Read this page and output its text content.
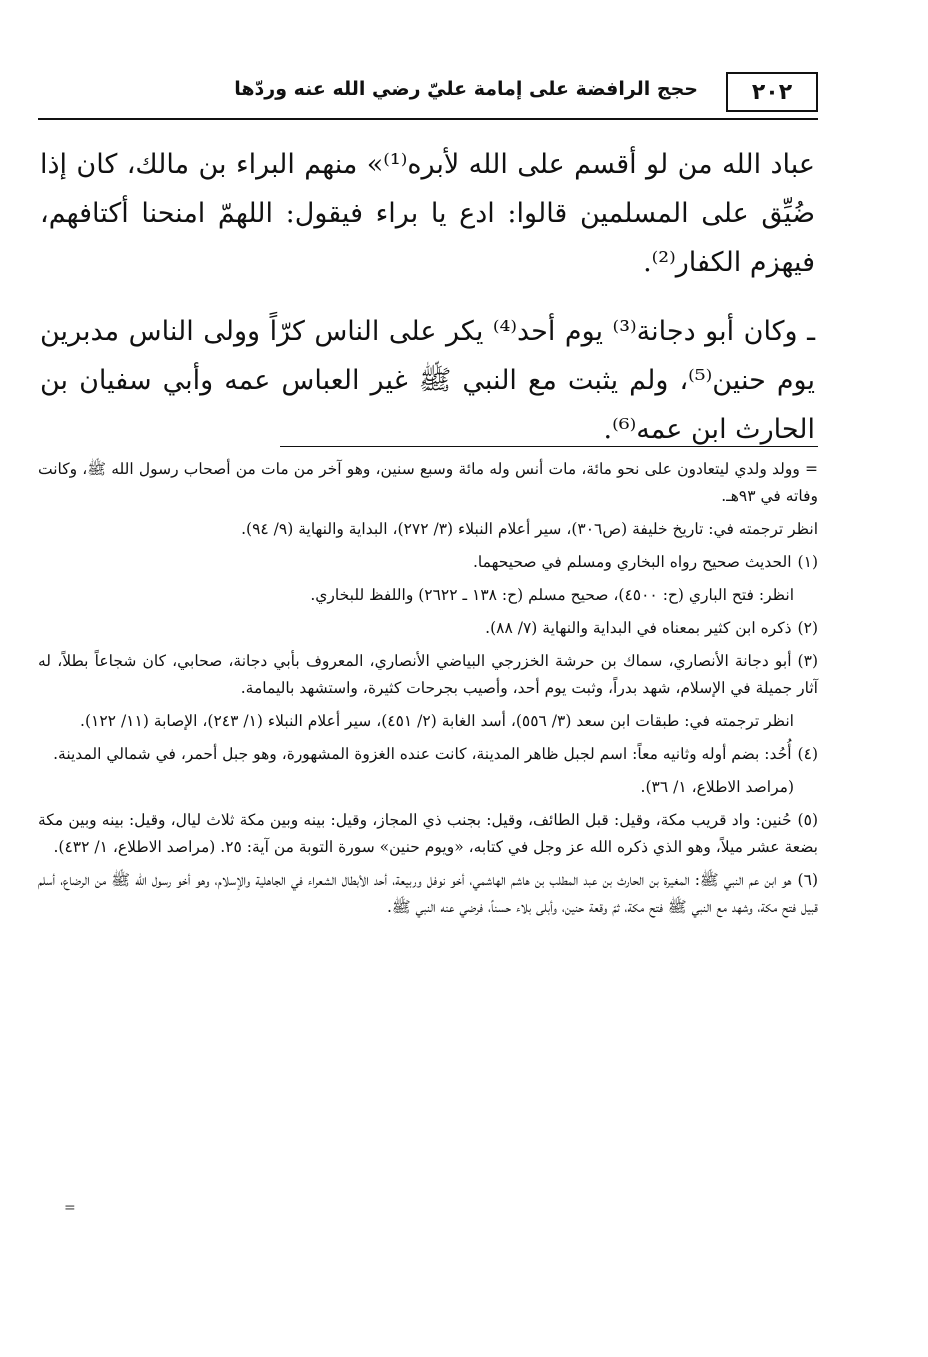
٢٠٢
حجج الرافضة على إمامة عليّ رضي الله عنه وردّها

عباد الله من لو أقسم على الله لأبره⁽¹⁾» منهم البراء بن مالك، كان إذا ضُيِّق على المسلمين قالوا: ادع يا براء فيقول: اللهمّ امنحنا أكتافهم، فيهزم الكفار⁽²⁾.

ـ وكان أبو دجانة⁽³⁾ يوم أحد⁽⁴⁾ يكر على الناس كرّاً وولى الناس مدبرين يوم حنين⁽⁵⁾، ولم يثبت مع النبي ﷺ غير العباس عمه وأبي سفيان بن الحارث ابن عمه⁽⁶⁾.

= وولد ولدي ليتعادون على نحو مائة، مات أنس وله مائة وسبع سنين، وهو آخر من مات من أصحاب رسول الله ﷺ، وكانت وفاته في ٩٣هـ.
انظر ترجمته في: تاريخ خليفة (ص٣٠٦)، سير أعلام النبلاء (٣/ ٢٧٢)، البداية والنهاية (٩/ ٩٤).
(١)الحديث صحيح رواه البخاري ومسلم في صحيحهما.
انظر: فتح الباري (ح: ٤٥٠٠)، صحيح مسلم (ح: ١٣٨ ـ ٢٦٢٢) واللفظ للبخاري.
(٢)ذكره ابن كثير بمعناه في البداية والنهاية (٧/ ٨٨).
(٣)أبو دجانة الأنصاري، سماك بن حرشة الخزرجي البياضي الأنصاري، المعروف بأبي دجانة، صحابي، كان شجاعاً بطلاً، له آثار جميلة في الإسلام، شهد بدراً، وثبت يوم أحد، وأصيب بجرحات كثيرة، واستشهد باليمامة.
انظر ترجمته في: طبقات ابن سعد (٣/ ٥٥٦)، أسد الغابة (٢/ ٤٥١)، سير أعلام النبلاء (١/ ٢٤٣)، الإصابة (١١/ ١٢٢).
(٤)أُحُد: بضم أوله وثانيه معاً: اسم لجبل ظاهر المدينة، كانت عنده الغزوة المشهورة، وهو جبل أحمر، في شمالي المدينة.
(مراصد الاطلاع، ١/ ٣٦).
(٥)حُنين: واد قريب مكة، وقيل: قبل الطائف، وقيل: بجنب ذي المجاز، وقيل: بينه وبين مكة ثلاث ليال، وقيل: بينه وبين مكة بضعة عشر ميلاً، وهو الذي ذكره الله عز وجل في كتابه، «ويوم حنين» سورة التوبة من آية: ٢٥. (مراصد الاطلاع، ١/ ٤٣٢).
(٦)هو ابن عم النبي ﷺ: المغيرة بن الحارث بن عبد المطلب بن هاشم الهاشمي، أخو نوفل وربيعة، أحد الأبطال الشعراء في الجاهلية والإسلام، وهو أخو رسول الله ﷺ من الرضاع، أسلم قبيل فتح مكة، وشهد مع النبي ﷺ فتح مكة، ثمّ وقعة حنين، وأبلى بلاء حسناً، فرضي عنه النبي ﷺ.
=
